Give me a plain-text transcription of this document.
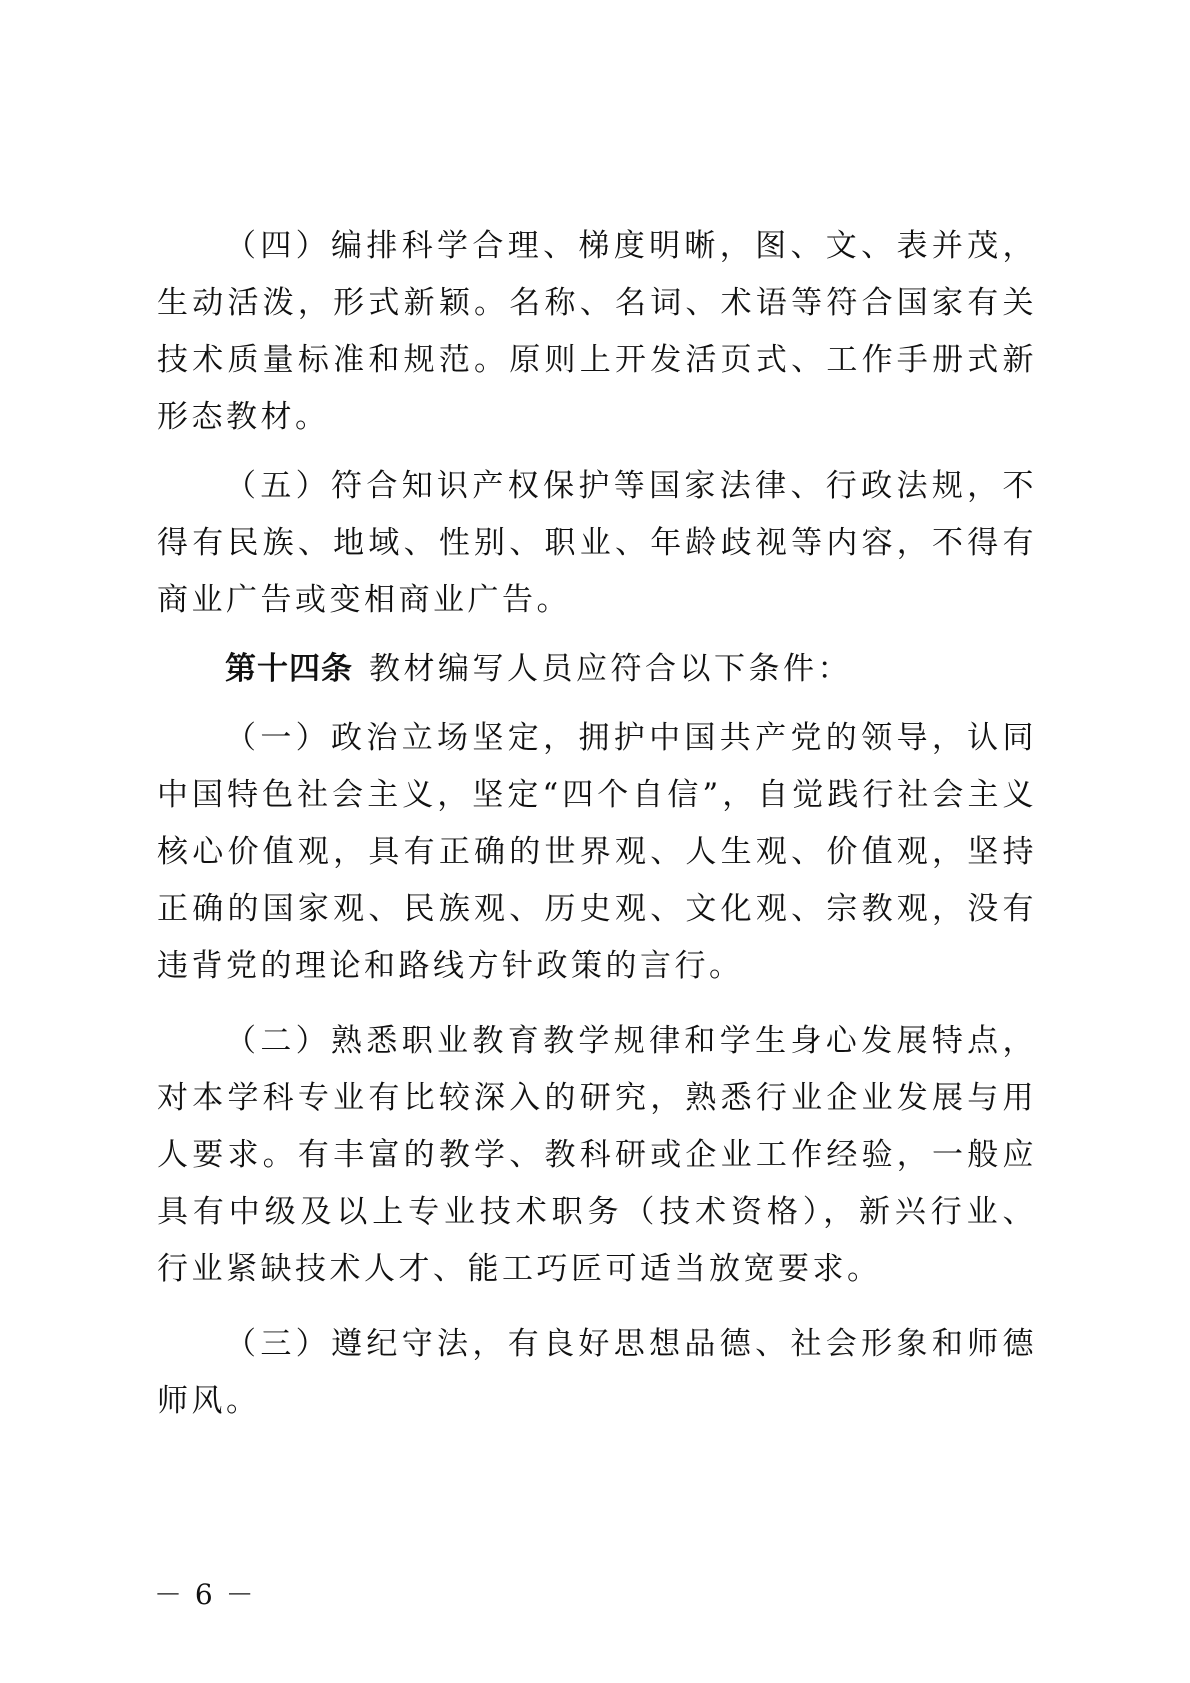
（四）编排科学合理、梯度明晰，图、文、表并茂，生动活泼，形式新颖。名称、名词、术语等符合国家有关技术质量标准和规范。原则上开发活页式、工作手册式新形态教材。

（五）符合知识产权保护等国家法律、行政法规，不得有民族、地域、性别、职业、年龄歧视等内容，不得有商业广告或变相商业广告。

第十四条 教材编写人员应符合以下条件：

（一）政治立场坚定，拥护中国共产党的领导，认同中国特色社会主义，坚定“四个自信”，自觉践行社会主义核心价值观，具有正确的世界观、人生观、价值观，坚持正确的国家观、民族观、历史观、文化观、宗教观，没有违背党的理论和路线方针政策的言行。

（二）熟悉职业教育教学规律和学生身心发展特点，对本学科专业有比较深入的研究，熟悉行业企业发展与用人要求。有丰富的教学、教科研或企业工作经验，一般应具有中级及以上专业技术职务（技术资格），新兴行业、行业紧缺技术人才、能工巧匠可适当放宽要求。

（三）遵纪守法，有良好思想品德、社会形象和师德师风。

－ 6 －
